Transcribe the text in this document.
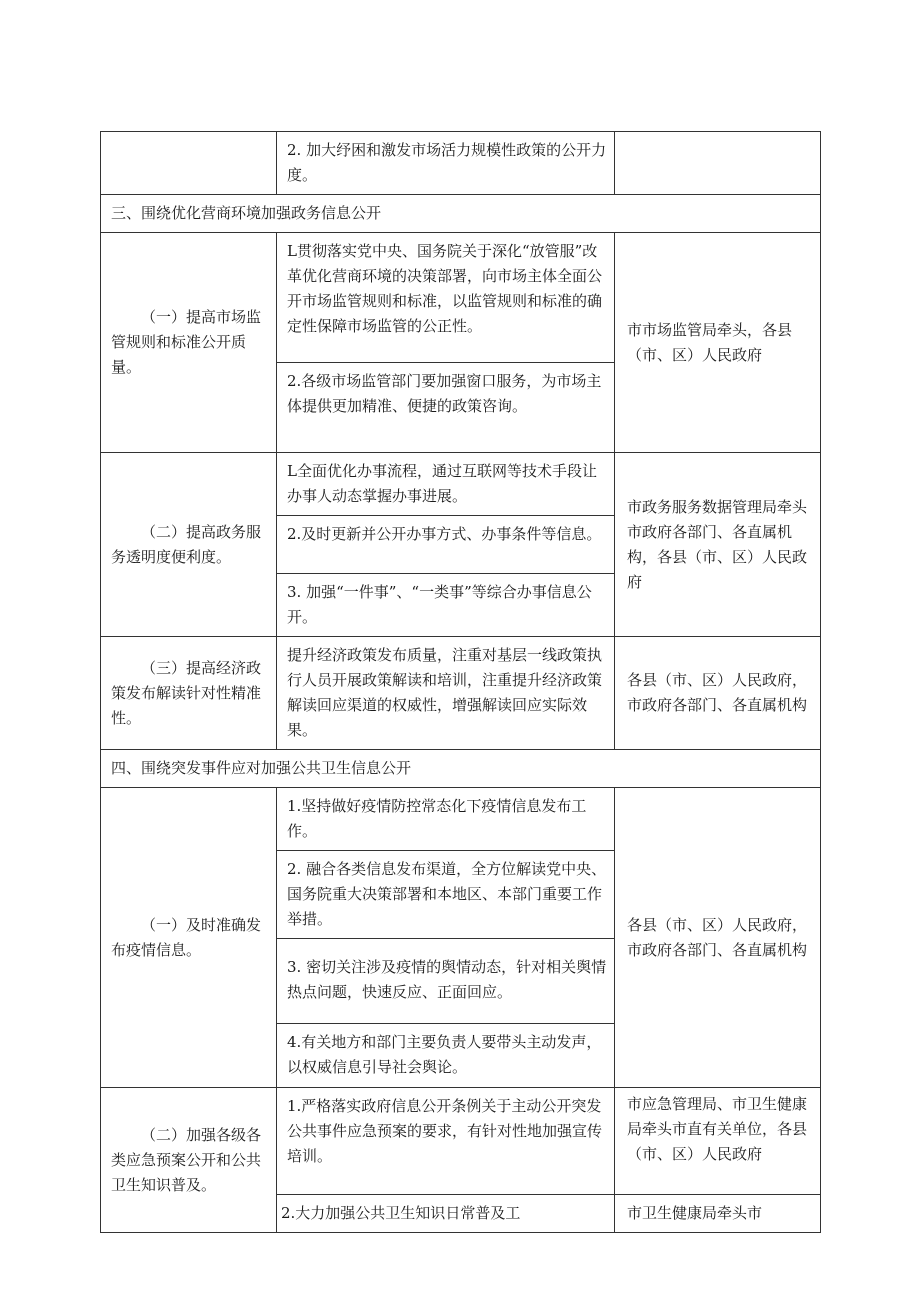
	2. 加大纾困和激发市场活力规模性政策的公开力度。	
三、围绕优化营商环境加强政务信息公开		
（一）提高市场监管规则和标准公开质量。	L贯彻落实党中央、国务院关于深化“放管服”改革优化营商环境的决策部署，向市场主体全面公开市场监管规则和标准，以监管规则和标准的确定性保障市场监管的公正性。	市市场监管局牵头，各县（市、区）人民政府
	2.各级市场监管部门要加强窗口服务，为市场主体提供更加精准、便捷的政策咨询。	
（二）提高政务服务透明度便利度。	L全面优化办事流程，通过互联网等技术手段让办事人动态掌握办事进展。	市政务服务数据管理局牵头市政府各部门、各直属机构，各县（市、区）人民政府
	2.及时更新并公开办事方式、办事条件等信息。	
	3. 加强“一件事”、“一类事”等综合办事信息公开。	
（三）提高经济政策发布解读针对性精准性。	提升经济政策发布质量，注重对基层一线政策执行人员开展政策解读和培训，注重提升经济政策解读回应渠道的权威性，增强解读回应实际效果。	各县（市、区）人民政府，市政府各部门、各直属机构
四、围绕突发事件应对加强公共卫生信息公开		
（一）及时准确发布疫情信息。	1.坚持做好疫情防控常态化下疫情信息发布工作。	各县（市、区）人民政府，市政府各部门、各直属机构
	2. 融合各类信息发布渠道，全方位解读党中央、国务院重大决策部署和本地区、本部门重要工作举措。	
	3. 密切关注涉及疫情的舆情动态，针对相关舆情热点问题，快速反应、正面回应。	
	4.有关地方和部门主要负责人要带头主动发声，以权威信息引导社会舆论。	
（二）加强各级各类应急预案公开和公共卫生知识普及。	1.严格落实政府信息公开条例关于主动公开突发公共事件应急预案的要求，有针对性地加强宣传培训。	市应急管理局、市卫生健康局牵头市直有关单位，各县（市、区）人民政府
	2.大力加强公共卫生知识日常普及工	市卫生健康局牵头市
